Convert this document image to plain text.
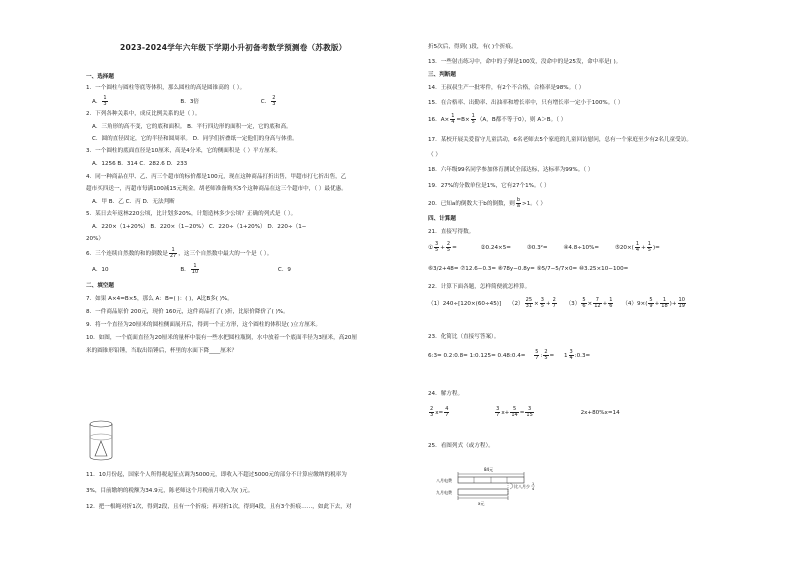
2023-2024学年六年级下学期小升初备考数学预测卷（苏教版）
一、选择题
1．一个圆柱与圆柱等底等体积，那么圆柱的高是圆锥高的（ ）。
A． $\frac{1}{3}$	B．3倍	C． $\frac{2}{3}$
2．下列各种关系中，成反比例关系的是（ ）。
A．三角形的高不变，它的底和面积。 B．平行四边形的面积一定，它的底和高。
C．圆的直径固定，它的半径和圆周率。 D．同学们折叠纸一定他们的身高与体重。
3．一个圆柱的底面直径是10厘米，高是4分米，它的侧面积是（ ）平方厘米。
A．1256 B．314 C．282.6 D．233
4．同一种商品在甲、乙、丙三个超市的标价都是100元，现在这种商品打折出售，甲超市打七折出售，乙
超市买四送一，丙超市每满100减15元现金。胡老师准备购买5个这种商品在这三个超市中，（ ）最优惠。
A．甲 B．乙 C．丙 D．无法判断
5．某日去年返林220公顷，比计划多20%，计划造林多少公顷？正确的列式是（ ）。
A．220×（1+20%） B．220×（1−20%） C．220÷（1+20%） D．220÷（1−
20%）
6．三个连续自然数的和的倒数是 $\frac{1}{27}$ ，这三个自然数中最大的一个是（ ）。
A．10	B． $\frac{1}{10}$	C．9
二、填空题
7．如果 A×4=B×5，那么 A：B=( )：( )，A比B多( )%。
8．一件商品原价 200元，现价 160元，这件商品打了( )折，比原价降价了( )%。
9．将一个直径为20厘米的圆柱侧面展开后，得到一个正方形，这个圆柱的体积是( )立方厘米。
10．如图，一个底面直径为20厘米的量杯中装有一些水把圆柱瓶倒，水中放着一个底面半径为3厘米，高20厘
米的圆锥形铅锤，当取出铅锤后，杯里的水面下降____厘米？
11．10月份起，国家个人所得税起征点调为5000元，即收入不超过5000元的部分不计算应缴纳的税率为
3%，目前缴纳的税额为34.9元，陈老师这个月税前月收入为( )元。
12．把一根绳对折1次，得到2段，且有一个折痕；再对折1次，得到4段，且有3个折痕……，如此下去，对
折5次后，得到( )段，有( )个折痕。
13．一些射击练习中，命中的子弹是100发，没命中的是25发，命中率是( )。
三、判断题
14．王叔叔生产一批零件，有2个不合格，合格率是98%。（ ）
15．在合格率、出勤率、出油率和增长率中，只有增长率一定小于100%。（ ）
16．$A\times \frac{1}{4} =B\times \frac{1}{5} (A$，B都不等于0），则 A＞B。（ ）
17．某校开展关爱留守儿童活动，6名老师去5个家庭的儿童回访慰问，总有一个家庭至少有2名儿童受访。
（ ）
18．六年级99名同学参加体育测试全部达标，达标率为99%。（ ）
19．27%的分数单位是1%，它有27个1%。（ ）
20．已知a的倒数大于b的倒数，则 $\frac{b}{a} >1$。（ ）
四、计算题
21．直接写得数。
① $\frac{3}{5} + \frac{2}{5}$ =	②0.24×5=	③0.3²=	④4.8÷10%=	⑤20×( $\frac{1}{4} + \frac{1}{5}$ )=
⑥3/2+48= ⑦12.6−0.3= ⑧78y−0.8y= ⑨5/7−5/7×0= ⑩3.25×10−100=
22．计算下面各题，怎样简便就怎样算。
（1）240÷[120×(60÷45)] $(2) \frac{25}{31} \times \frac{3}{5} + \frac{2}{7} (3) \frac{5}{6} \times \frac{7}{12} + \frac{1}{6} (4)9\times( \frac{5}{9} + \frac{1}{18}$ )+ $\frac{10}{19}$
23．化简比（直接写答案）。
6:3= 0.2:0.8= 1:0.125= 0.48:0.4= $\frac{5}{7}$ : $\frac{2}{5} = 1 \frac{3}{4}$ :0.3=
24．解方程。
$\frac{2}{3} x= \frac{4}{7}$
	$\frac{3}{7} x+ \frac{5}{14} = \frac{3}{15}$	2x+80%x=14
25．看图列式（或方程）。
84元
八月电费
九月电费
比八月少 1
4
x元
